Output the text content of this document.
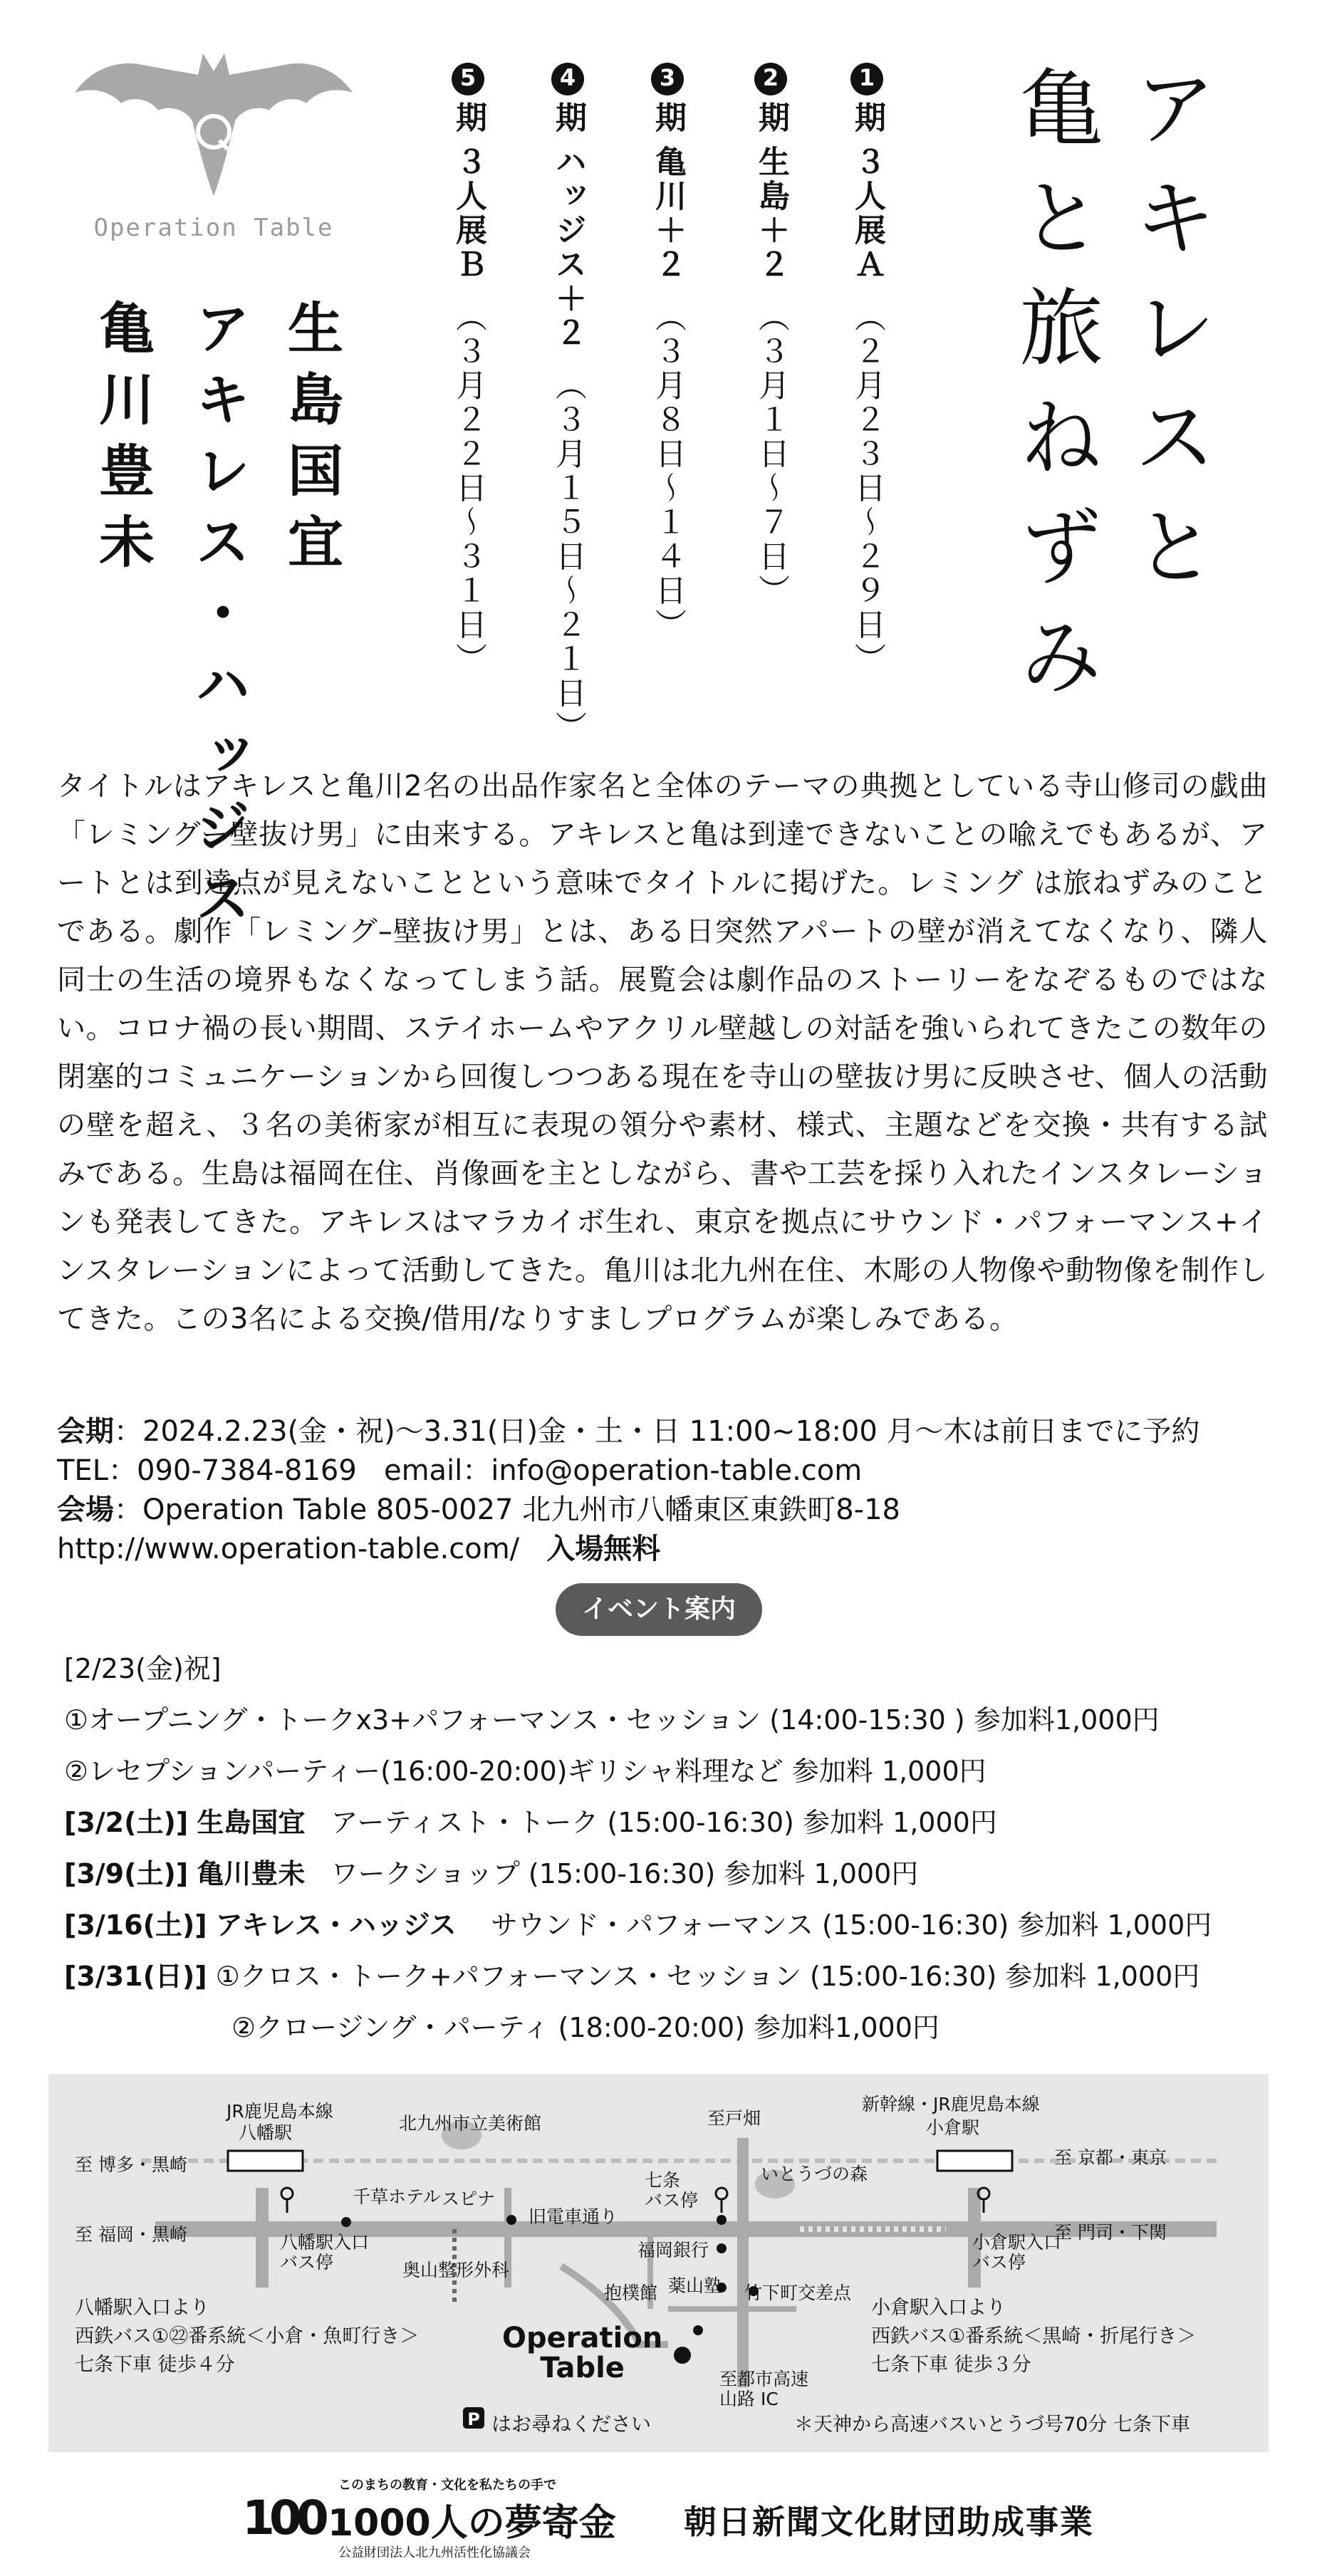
Operation Table	アキレスと
亀と旅ねずみ
1期３人展Ａ（２月２３日〜２９日）
2期生島＋２（３月１日〜７日）
3期亀川＋２（３月８日〜１４日）
4期ハッジス＋２（３月１５日〜２１日）
5期３人展Ｂ（３月２２日〜３１日）
生島国宜
アキレス・ハッジス
亀川豊未
タイトルはアキレスと亀川2名の出品作家名と全体のテーマの典拠としている寺山修司の戯曲「レミングー壁抜け男」に由来する。アキレスと亀は到達できないことの喩えでもあるが、アートとは到達点が見えないことという意味でタイトルに掲げた。レミング は旅ねずみのことである。劇作「レミング–壁抜け男」とは、ある日突然アパートの壁が消えてなくなり、隣人同士の生活の境界もなくなってしまう話。展覧会は劇作品のストーリーをなぞるものではない。コロナ禍の長い期間、ステイホームやアクリル壁越しの対話を強いられてきたこの数年の閉塞的コミュニケーションから回復しつつある現在を寺山の壁抜け男に反映させ、個人の活動の壁を超え、３名の美術家が相互に表現の領分や素材、様式、主題などを交換・共有する試みである。生島は福岡在住、肖像画を主としながら、書や工芸を採り入れたインスタレーションも発表してきた。アキレスはマラカイボ生れ、東京を拠点にサウンド・パフォーマンス+インスタレーションによって活動してきた。亀川は北九州在住、木彫の人物像や動物像を制作してきた。この3名による交換/借用/なりすましプログラムが楽しみである。
会期：2024.2.23(金・祝)〜3.31(日)金・土・日 11:00~18:00 月〜木は前日までに予約
TEL：090-7384-8169 email：info@operation-table.com
会場：Operation Table 805-0027 北九州市八幡東区東鉄町8-18
http://www.operation-table.com/ 入場無料
イベント案内
[2/23(金)祝]
①オープニング・トークx3+パフォーマンス・セッション (14:00-15:30 ) 参加料1,000円
②レセプションパーティー(16:00-20:00)ギリシャ料理など 参加料 1,000円
[3/2(土)] 生島国宜 アーティスト・トーク (15:00-16:30) 参加料 1,000円
[3/9(土)] 亀川豊未 ワークショップ (15:00-16:30) 参加料 1,000円
[3/16(土)] アキレス・ハッジス サウンド・パフォーマンス (15:00-16:30) 参加料 1,000円
[3/31(日)] ①クロス・トーク+パフォーマンス・セッション (15:00-16:30) 参加料 1,000円
②クロージング・パーティ (18:00-20:00) 参加料1,000円
JR鹿児島本線
八幡駅
至 博多・黒崎
至 福岡・黒崎
千草ホテル
八幡駅入口
バス停
北九州市立美術館
スピナ
旧電車通り
奥山整形外科
至戸畑
七条
バス停
いとうづの森
福岡銀行
薬山塾 竹下町交差点
抱樸館
Operation
Table	至都市高速
山路 IC
はお尋ねください
P
新幹線・JR鹿児島本線
小倉駅
至 京都・東京
至 門司・下関
小倉駅入口
バス停
八幡駅入口より
西鉄バス①㉒番系統＜小倉・魚町行き＞
七条下車 徒歩４分
小倉駅入口より
西鉄バス①番系統＜黒崎・折尾行き＞
七条下車 徒歩３分
＊天神から高速バスいとうづ号70分 七条下車
100
このまちの教育・文化を私たちの手で
1000人の夢寄金
公益財団法人北九州活性化協議会
朝日新聞文化財団助成事業
